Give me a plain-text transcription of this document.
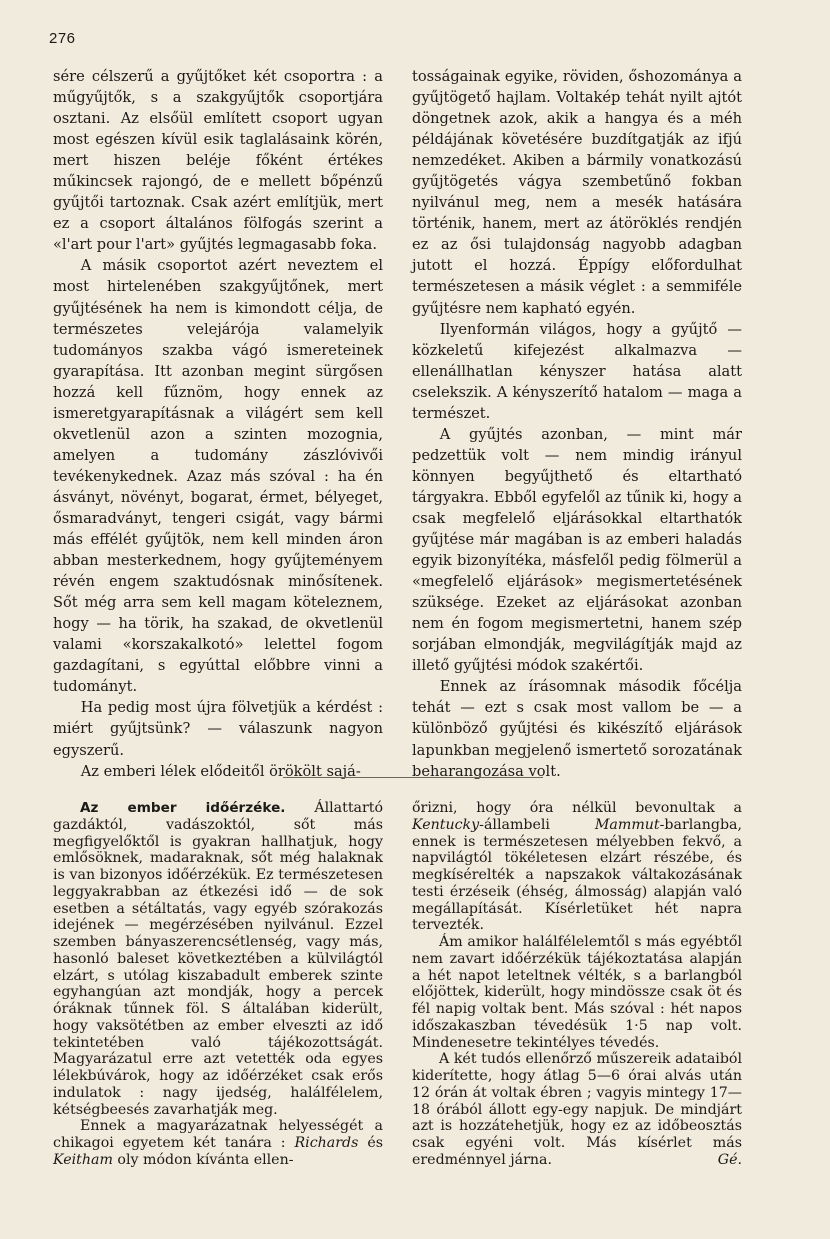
276

sére célszerű a gyűjtőket két csoportra : a műgyűjtők, s a szakgyűjtők csoportjára osztani. Az elsőül említett csoport ugyan most egészen kívül esik taglalásaink körén, mert hiszen beléje főként értékes műkincsek rajongó, de e mellett bőpénzű gyűjtői tartoznak. Csak azért említjük, mert ez a csoport általános fölfogás szerint a «l'art pour l'art» gyűjtés legmagasabb foka.

A másik csoportot azért neveztem el most hirtelenében szakgyűjtőnek, mert gyűjtésének ha nem is kimondott célja, de természetes velejárója valamelyik tudományos szakba vágó ismereteinek gyarapítása. Itt azonban megint sürgősen hozzá kell fűznöm, hogy ennek az ismeretgyarapításnak a világért sem kell okvetlenül azon a szinten mozognia, amelyen a tudomány zászlóvivői tevékenykednek. Azaz más szóval : ha én ásványt, növényt, bogarat, érmet, bélyeget, ősmaradványt, tengeri csigát, vagy bármi más effélét gyűjtök, nem kell minden áron abban mesterkednem, hogy gyűjteményem révén engem szaktudósnak minősítenek. Sőt még arra sem kell magam köteleznem, hogy — ha törik, ha szakad, de okvetlenül valami «korszakalkotó» lelettel fogom gazdagítani, s egyúttal előbbre vinni a tudományt.

Ha pedig most újra fölvetjük a kérdést : miért gyűjtsünk? — válaszunk nagyon egyszerű.

Az emberi lélek elődeitől örökölt sajá-

tosságainak egyike, röviden, őshozománya a gyűjtögető hajlam. Voltakép tehát nyilt ajtót döngetnek azok, akik a hangya és a méh példájának követésére buzdítgatják az ifjú nemzedéket. Akiben a bármily vonatkozású gyűjtögetés vágya szembetűnő fokban nyilvánul meg, nem a mesék hatására történik, hanem, mert az átöröklés rendjén ez az ősi tulajdonság nagyobb adagban jutott el hozzá. Éppígy előfordulhat természetesen a másik véglet : a semmiféle gyűjtésre nem kapható egyén.

Ilyenformán világos, hogy a gyűjtő — közkeletű kifejezést alkalmazva — ellenállhatlan kényszer hatása alatt cselekszik. A kényszerítő hatalom — maga a természet.

A gyűjtés azonban, — mint már pedzettük volt — nem mindig irányul könnyen begyűjthető és eltartható tárgyakra. Ebből egyfelől az tűnik ki, hogy a csak megfelelő eljárásokkal eltarthatók gyűjtése már magában is az emberi haladás egyik bizonyítéka, másfelől pedig fölmerül a «megfelelő eljárások» megismertetésének szüksége. Ezeket az eljárásokat azonban nem én fogom megismertetni, hanem szép sorjában elmondják, megvilágítják majd az illető gyűjtési módok szakértői.

Ennek az írásomnak második főcélja tehát — ezt s csak most vallom be — a különböző gyűjtési és kikészítő eljárások lapunkban megjelenő ismertető sorozatának beharangozása volt.

Az ember időérzéke. Állattartó gazdáktól, vadászoktól, sőt más megfigyelőktől is gyakran hallhatjuk, hogy emlősöknek, madaraknak, sőt még halaknak is van bizonyos időérzékük. Ez természetesen leggyakrabban az étkezési idő — de sok esetben a sétáltatás, vagy egyéb szórakozás idejének — megérzésében nyilvánul. Ezzel szemben bányaszerencsétlenség, vagy más, hasonló baleset következtében a külvilágtól elzárt, s utólag kiszabadult emberek szinte egyhangúan azt mondják, hogy a percek óráknak tűnnek föl. S általában kiderült, hogy vaksötétben az ember elveszti az idő tekintetében való tájékozottságát. Magyarázatul erre azt vetették oda egyes lélekbúvárok, hogy az időérzéket csak erős indulatok : nagy ijedség, halálfélelem, kétségbeesés zavarhatják meg.

Ennek a magyarázatnak helyességét a chikagoi egyetem két tanára : Richards és Keitham oly módon kívánta ellen-

őrizni, hogy óra nélkül bevonultak a Kentucky-állambeli Mammut-barlangba, ennek is természetesen mélyebben fekvő, a napvilágtól tökéletesen elzárt részébe, és megkísérelték a napszakok váltakozásának testi érzéseik (éhség, álmosság) alapján való megállapítását. Kísérletüket hét napra tervezték.

Ám amikor halálfélelemtől s más egyébtől nem zavart időérzékük tájékoztatása alapján a hét napot leteltnek vélték, s a barlangból előjöttek, kiderült, hogy mindössze csak öt és fél napig voltak bent. Más szóval : hét napos időszakaszban tévedésük 1·5 nap volt. Mindenesetre tekintélyes tévedés.

A két tudós ellenőrző műszereik adataiból kiderítette, hogy átlag 5—6 órai alvás után 12 órán át voltak ébren ; vagyis mintegy 17—18 órából állott egy-egy napjuk. De mindjárt azt is hozzátehetjük, hogy ez az időbeosztás csak egyéni volt. Más kísérlet más eredménnyel járna.	Gé.
